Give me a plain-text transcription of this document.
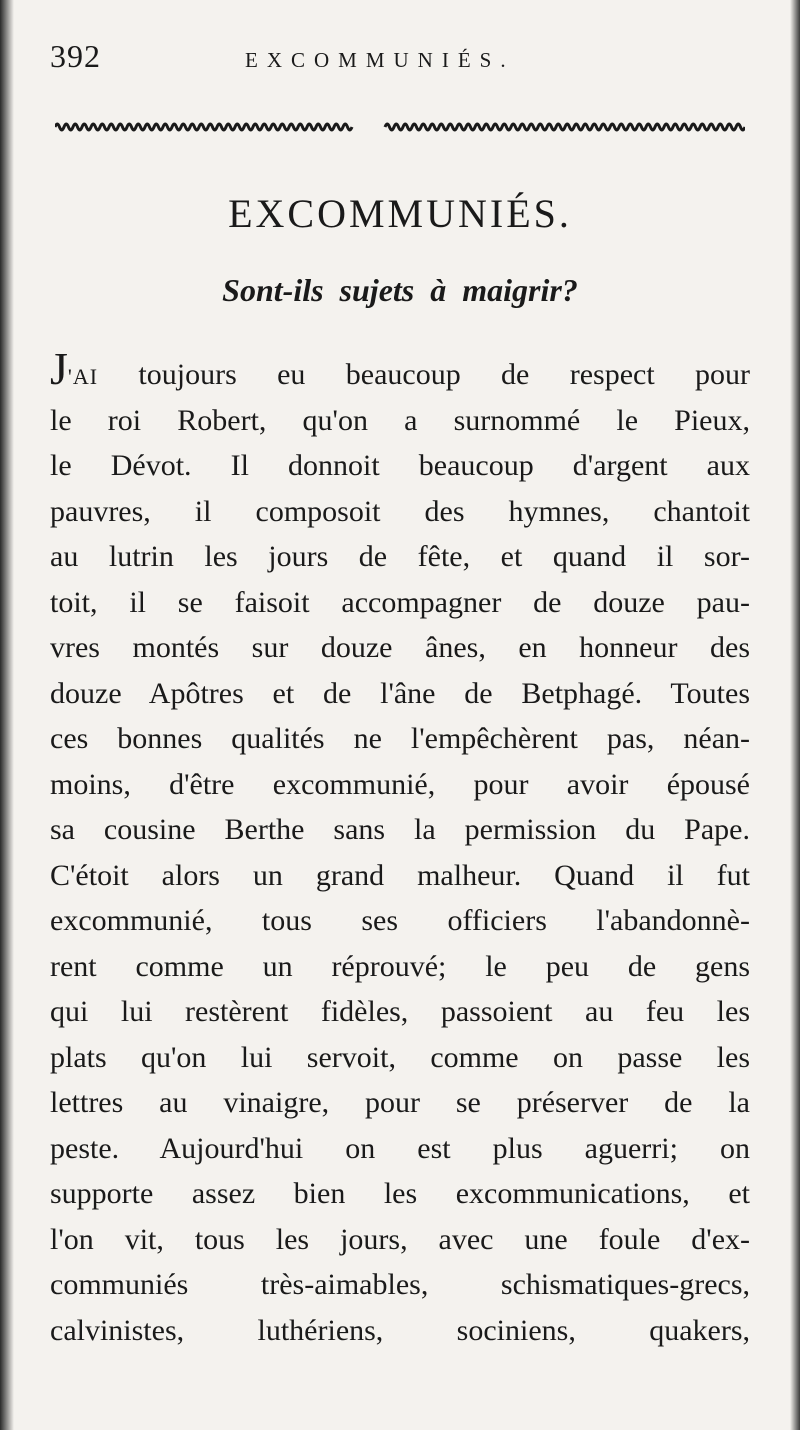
392	EXCOMMUNIÉS.
EXCOMMUNIÉS.
Sont-ils sujets à maigrir?
J'AI toujours eu beaucoup de respect pour
le roi Robert, qu'on a surnommé le Pieux,
le Dévot. Il donnoit beaucoup d'argent aux
pauvres, il composoit des hymnes, chantoit
au lutrin les jours de fête, et quand il sor-
toit, il se faisoit accompagner de douze pau-
vres montés sur douze ânes, en honneur des
douze Apôtres et de l'âne de Betphagé. Toutes
ces bonnes qualités ne l'empêchèrent pas, néan-
moins, d'être excommunié, pour avoir épousé
sa cousine Berthe sans la permission du Pape.
C'étoit alors un grand malheur. Quand il fut
excommunié, tous ses officiers l'abandonnè-
rent comme un réprouvé; le peu de gens
qui lui restèrent fidèles, passoient au feu les
plats qu'on lui servoit, comme on passe les
lettres au vinaigre, pour se préserver de la
peste. Aujourd'hui on est plus aguerri; on
supporte assez bien les excommunications, et
l'on vit, tous les jours, avec une foule d'ex-
communiés très-aimables, schismatiques-grecs,
calvinistes, luthériens, sociniens, quakers,
